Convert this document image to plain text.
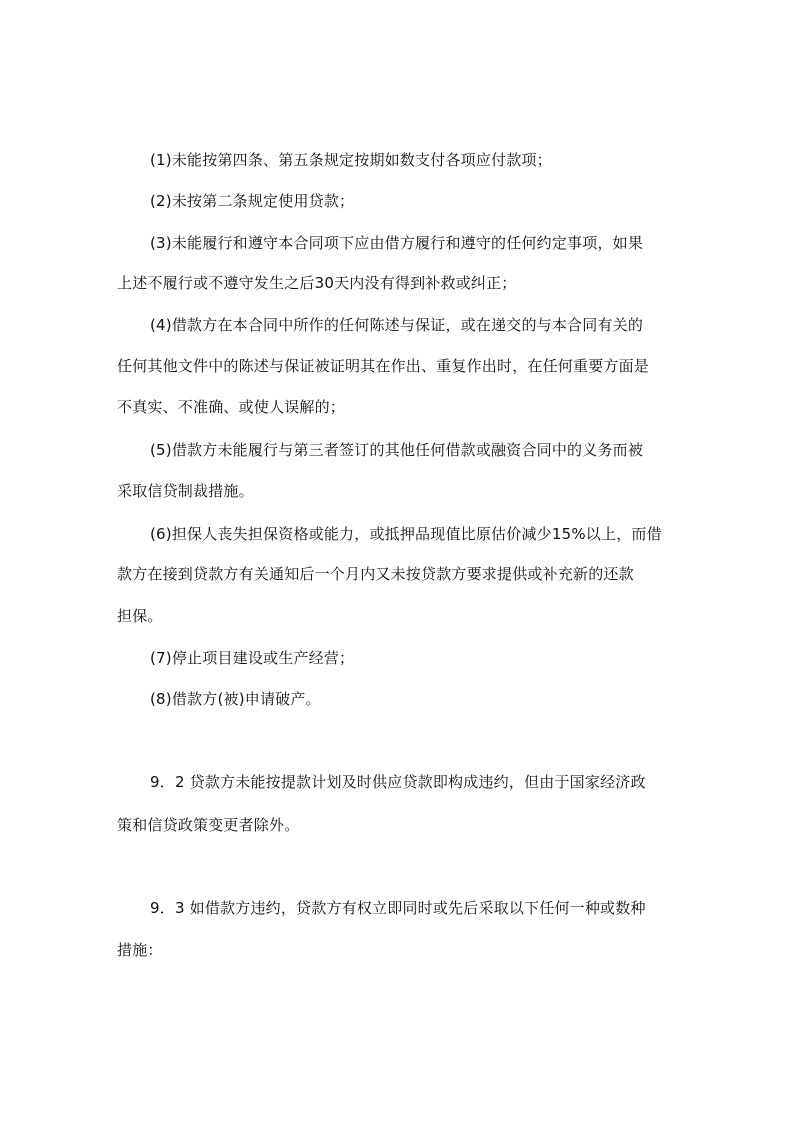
(1)未能按第四条、第五条规定按期如数支付各项应付款项；
(2)未按第二条规定使用贷款；
(3)未能履行和遵守本合同项下应由借方履行和遵守的任何约定事项，如果
上述不履行或不遵守发生之后30天内没有得到补救或纠正；
(4)借款方在本合同中所作的任何陈述与保证，或在递交的与本合同有关的
任何其他文件中的陈述与保证被证明其在作出、重复作出时，在任何重要方面是
不真实、不准确、或使人误解的；
(5)借款方未能履行与第三者签订的其他任何借款或融资合同中的义务而被
采取信贷制裁措施。
(6)担保人丧失担保资格或能力，或抵押品现值比原估价减少15%以上，而借
款方在接到贷款方有关通知后一个月内又未按贷款方要求提供或补充新的还款
担保。
(7)停止项目建设或生产经营；
(8)借款方(被)申请破产。
9．2 贷款方未能按提款计划及时供应贷款即构成违约，但由于国家经济政
策和信贷政策变更者除外。
9．3 如借款方违约，贷款方有权立即同时或先后采取以下任何一种或数种
措施：
